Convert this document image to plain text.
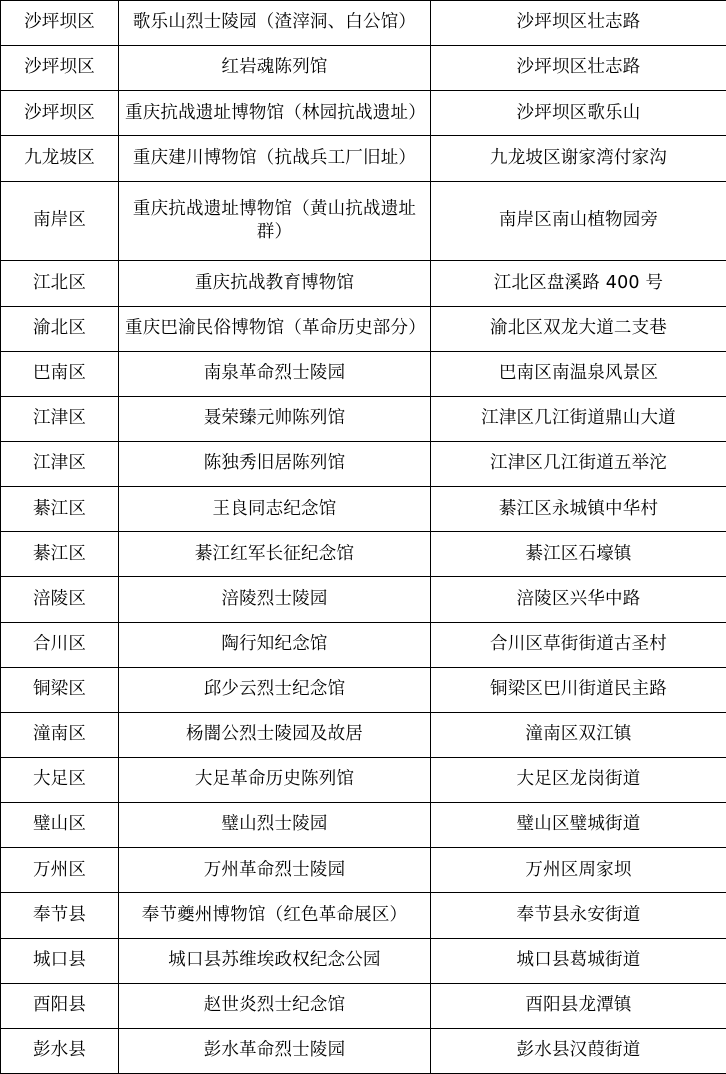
沙坪坝区	歌乐山烈士陵园（渣滓洞、白公馆）	沙坪坝区壮志路
沙坪坝区	红岩魂陈列馆	沙坪坝区壮志路
沙坪坝区	重庆抗战遗址博物馆（林园抗战遗址）	沙坪坝区歌乐山
九龙坡区	重庆建川博物馆（抗战兵工厂旧址）	九龙坡区谢家湾付家沟
南岸区	重庆抗战遗址博物馆（黄山抗战遗址群）	南岸区南山植物园旁
江北区	重庆抗战教育博物馆	江北区盘溪路 400 号
渝北区	重庆巴渝民俗博物馆（革命历史部分）	渝北区双龙大道二支巷
巴南区	南泉革命烈士陵园	巴南区南温泉风景区
江津区	聂荣臻元帅陈列馆	江津区几江街道鼎山大道
江津区	陈独秀旧居陈列馆	江津区几江街道五举沱
綦江区	王良同志纪念馆	綦江区永城镇中华村
綦江区	綦江红军长征纪念馆	綦江区石壕镇
涪陵区	涪陵烈士陵园	涪陵区兴华中路
合川区	陶行知纪念馆	合川区草街街道古圣村
铜梁区	邱少云烈士纪念馆	铜梁区巴川街道民主路
潼南区	杨闇公烈士陵园及故居	潼南区双江镇
大足区	大足革命历史陈列馆	大足区龙岗街道
璧山区	璧山烈士陵园	璧山区璧城街道
万州区	万州革命烈士陵园	万州区周家坝
奉节县	奉节夔州博物馆（红色革命展区）	奉节县永安街道
城口县	城口县苏维埃政权纪念公园	城口县葛城街道
酉阳县	赵世炎烈士纪念馆	酉阳县龙潭镇
彭水县	彭水革命烈士陵园	彭水县汉葭街道
